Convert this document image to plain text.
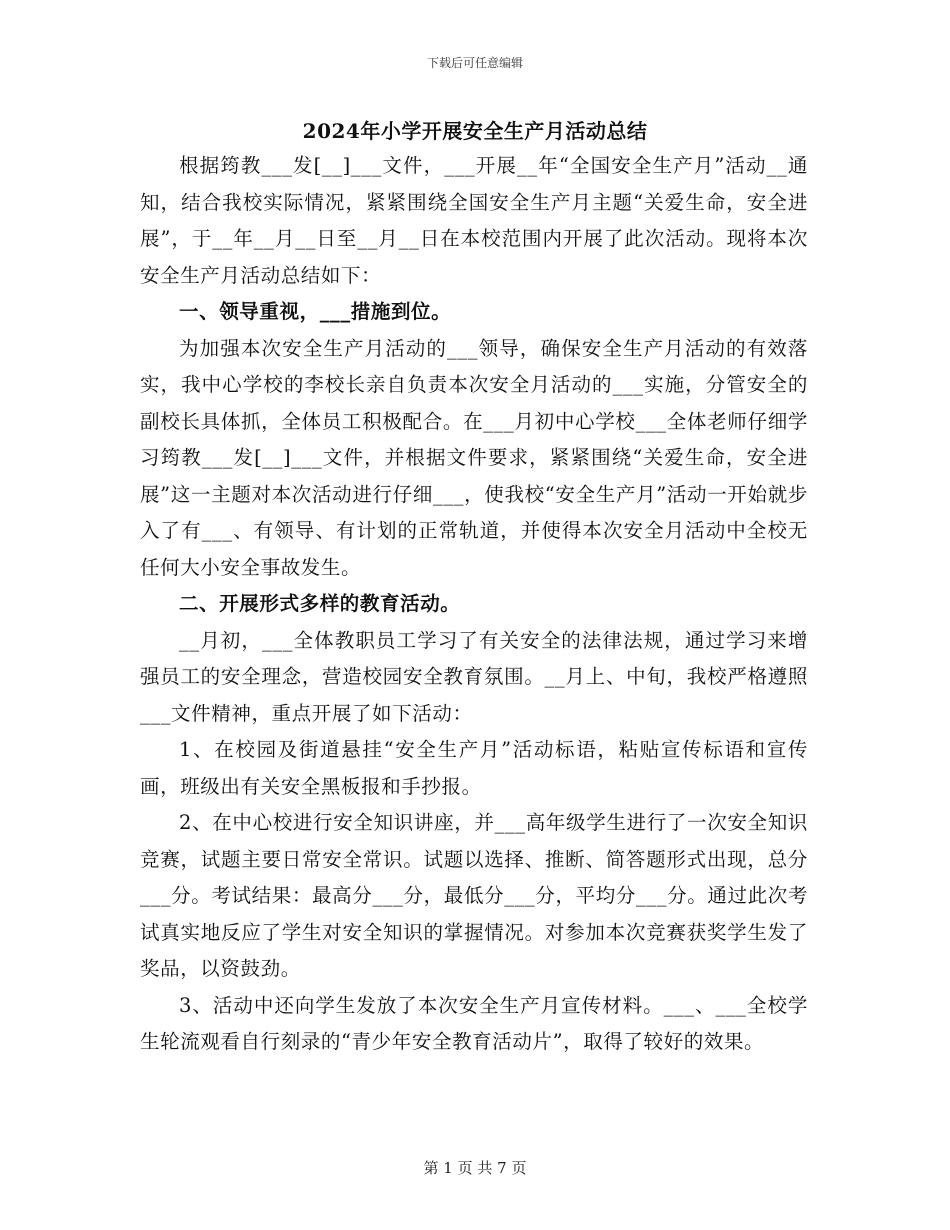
下载后可任意编辑
2024年小学开展安全生产月活动总结

根据筠教___发[__]___文件，___开展__年“全国安全生产月”活动__通知，结合我校实际情况，紧紧围绕全国安全生产月主题“关爱生命，安全进展”，于__年__月__日至__月__日在本校范围内开展了此次活动。现将本次安全生产月活动总结如下：

一、领导重视，___措施到位。

为加强本次安全生产月活动的___领导，确保安全生产月活动的有效落实，我中心学校的李校长亲自负责本次安全月活动的___实施，分管安全的副校长具体抓，全体员工积极配合。在___月初中心学校___全体老师仔细学习筠教___发[__]___文件，并根据文件要求，紧紧围绕“关爱生命，安全进展”这一主题对本次活动进行仔细___，使我校“安全生产月”活动一开始就步入了有___、有领导、有计划的正常轨道，并使得本次安全月活动中全校无任何大小安全事故发生。

二、开展形式多样的教育活动。

__月初，___全体教职员工学习了有关安全的法律法规，通过学习来增强员工的安全理念，营造校园安全教育氛围。__月上、中旬，我校严格遵照___文件精神，重点开展了如下活动：

1、在校园及街道悬挂“安全生产月”活动标语，粘贴宣传标语和宣传画，班级出有关安全黑板报和手抄报。

2、在中心校进行安全知识讲座，并___高年级学生进行了一次安全知识竞赛，试题主要日常安全常识。试题以选择、推断、简答题形式出现，总分___分。考试结果：最高分___分，最低分___分，平均分___分。通过此次考试真实地反应了学生对安全知识的掌握情况。对参加本次竞赛获奖学生发了奖品，以资鼓劲。

3、活动中还向学生发放了本次安全生产月宣传材料。___、___全校学生轮流观看自行刻录的“青少年安全教育活动片”，取得了较好的效果。

第 1 页 共 7 页
